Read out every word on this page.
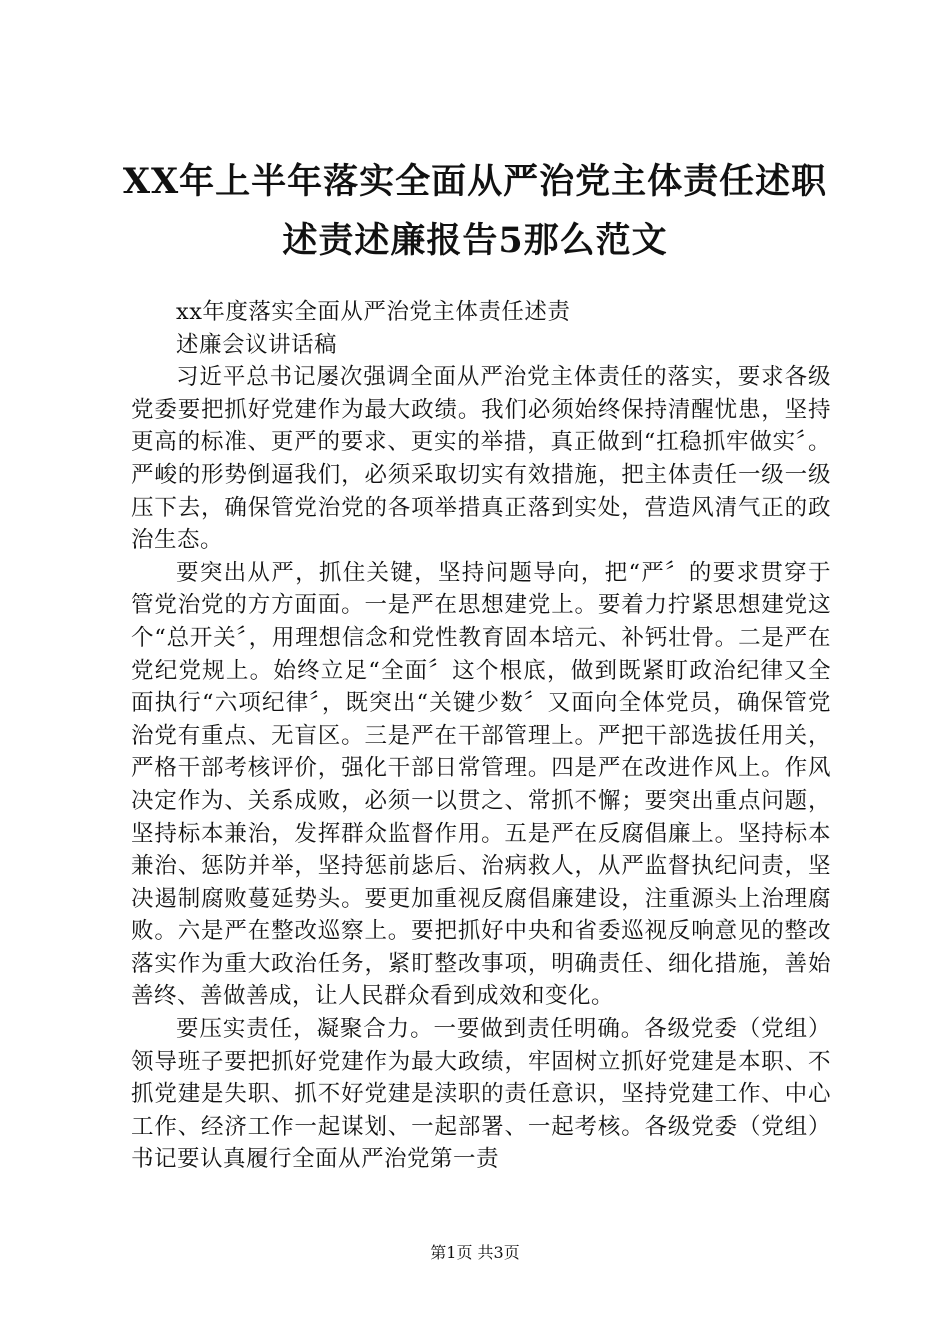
XX年上半年落实全面从严治党主体责任述职
述责述廉报告5那么范文

xx年度落实全面从严治党主体责任述责

述廉会议讲话稿

习近平总书记屡次强调全面从严治党主体责任的落实，要求各级党委要把抓好党建作为最大政绩。我们必须始终保持清醒忧患，坚持更高的标准、更严的要求、更实的举措，真正做到“扛稳抓牢做实〞。严峻的形势倒逼我们，必须采取切实有效措施，把主体责任一级一级压下去，确保管党治党的各项举措真正落到实处，营造风清气正的政治生态。

要突出从严，抓住关键，坚持问题导向，把“严〞的要求贯穿于管党治党的方方面面。一是严在思想建党上。要着力拧紧思想建党这个“总开关〞，用理想信念和党性教育固本培元、补钙壮骨。二是严在党纪党规上。始终立足“全面〞这个根底，做到既紧盯政治纪律又全面执行“六项纪律〞，既突出“关键少数〞又面向全体党员，确保管党治党有重点、无盲区。三是严在干部管理上。严把干部选拔任用关，严格干部考核评价，强化干部日常管理。四是严在改进作风上。作风决定作为、关系成败，必须一以贯之、常抓不懈；要突出重点问题，坚持标本兼治，发挥群众监督作用。五是严在反腐倡廉上。坚持标本兼治、惩防并举，坚持惩前毖后、治病救人，从严监督执纪问责，坚决遏制腐败蔓延势头。要更加重视反腐倡廉建设，注重源头上治理腐败。六是严在整改巡察上。要把抓好中央和省委巡视反响意见的整改落实作为重大政治任务，紧盯整改事项，明确责任、细化措施，善始善终、善做善成，让人民群众看到成效和变化。

要压实责任，凝聚合力。一要做到责任明确。各级党委（党组）领导班子要把抓好党建作为最大政绩，牢固树立抓好党建是本职、不抓党建是失职、抓不好党建是渎职的责任意识，坚持党建工作、中心工作、经济工作一起谋划、一起部署、一起考核。各级党委（党组）书记要认真履行全面从严治党第一责

第1页 共3页
